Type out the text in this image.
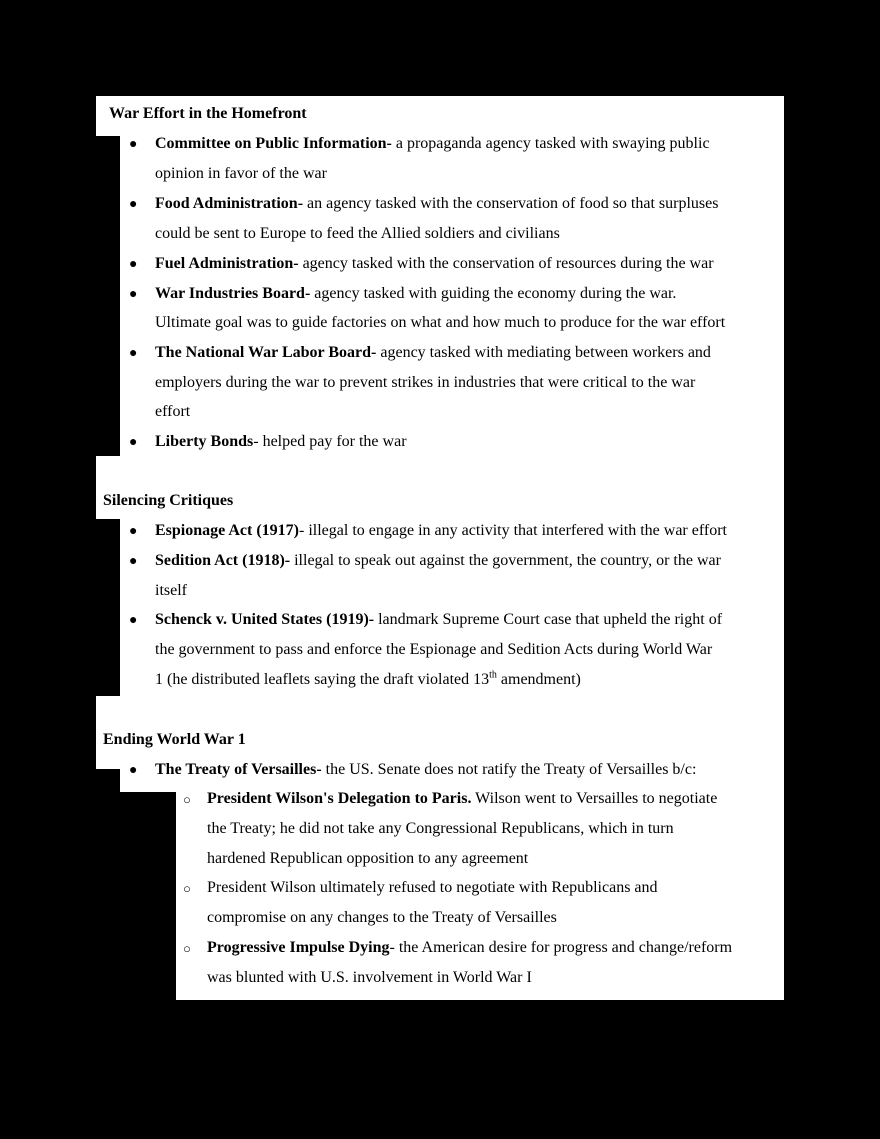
War Effort in the Homefront
● Committee on Public Information- a propaganda agency tasked with swaying public
opinion in favor of the war
● Food Administration- an agency tasked with the conservation of food so that surpluses
could be sent to Europe to feed the Allied soldiers and civilians
● Fuel Administration- agency tasked with the conservation of resources during the war
● War Industries Board- agency tasked with guiding the economy during the war.
Ultimate goal was to guide factories on what and how much to produce for the war effort
● The National War Labor Board- agency tasked with mediating between workers and
employers during the war to prevent strikes in industries that were critical to the war
effort
● Liberty Bonds- helped pay for the war
Silencing Critiques
● Espionage Act (1917)- illegal to engage in any activity that interfered with the war effort
● Sedition Act (1918)- illegal to speak out against the government, the country, or the war
itself
● Schenck v. United States (1919)- landmark Supreme Court case that upheld the right of
the government to pass and enforce the Espionage and Sedition Acts during World War
1 (he distributed leaflets saying the draft violated 13th amendment)
Ending World War 1
● The Treaty of Versailles- the US. Senate does not ratify the Treaty of Versailles b/c:
○ President Wilson's Delegation to Paris. Wilson went to Versailles to negotiate
the Treaty; he did not take any Congressional Republicans, which in turn
hardened Republican opposition to any agreement
○ President Wilson ultimately refused to negotiate with Republicans and
compromise on any changes to the Treaty of Versailles
○ Progressive Impulse Dying- the American desire for progress and change/reform
was blunted with U.S. involvement in World War I
